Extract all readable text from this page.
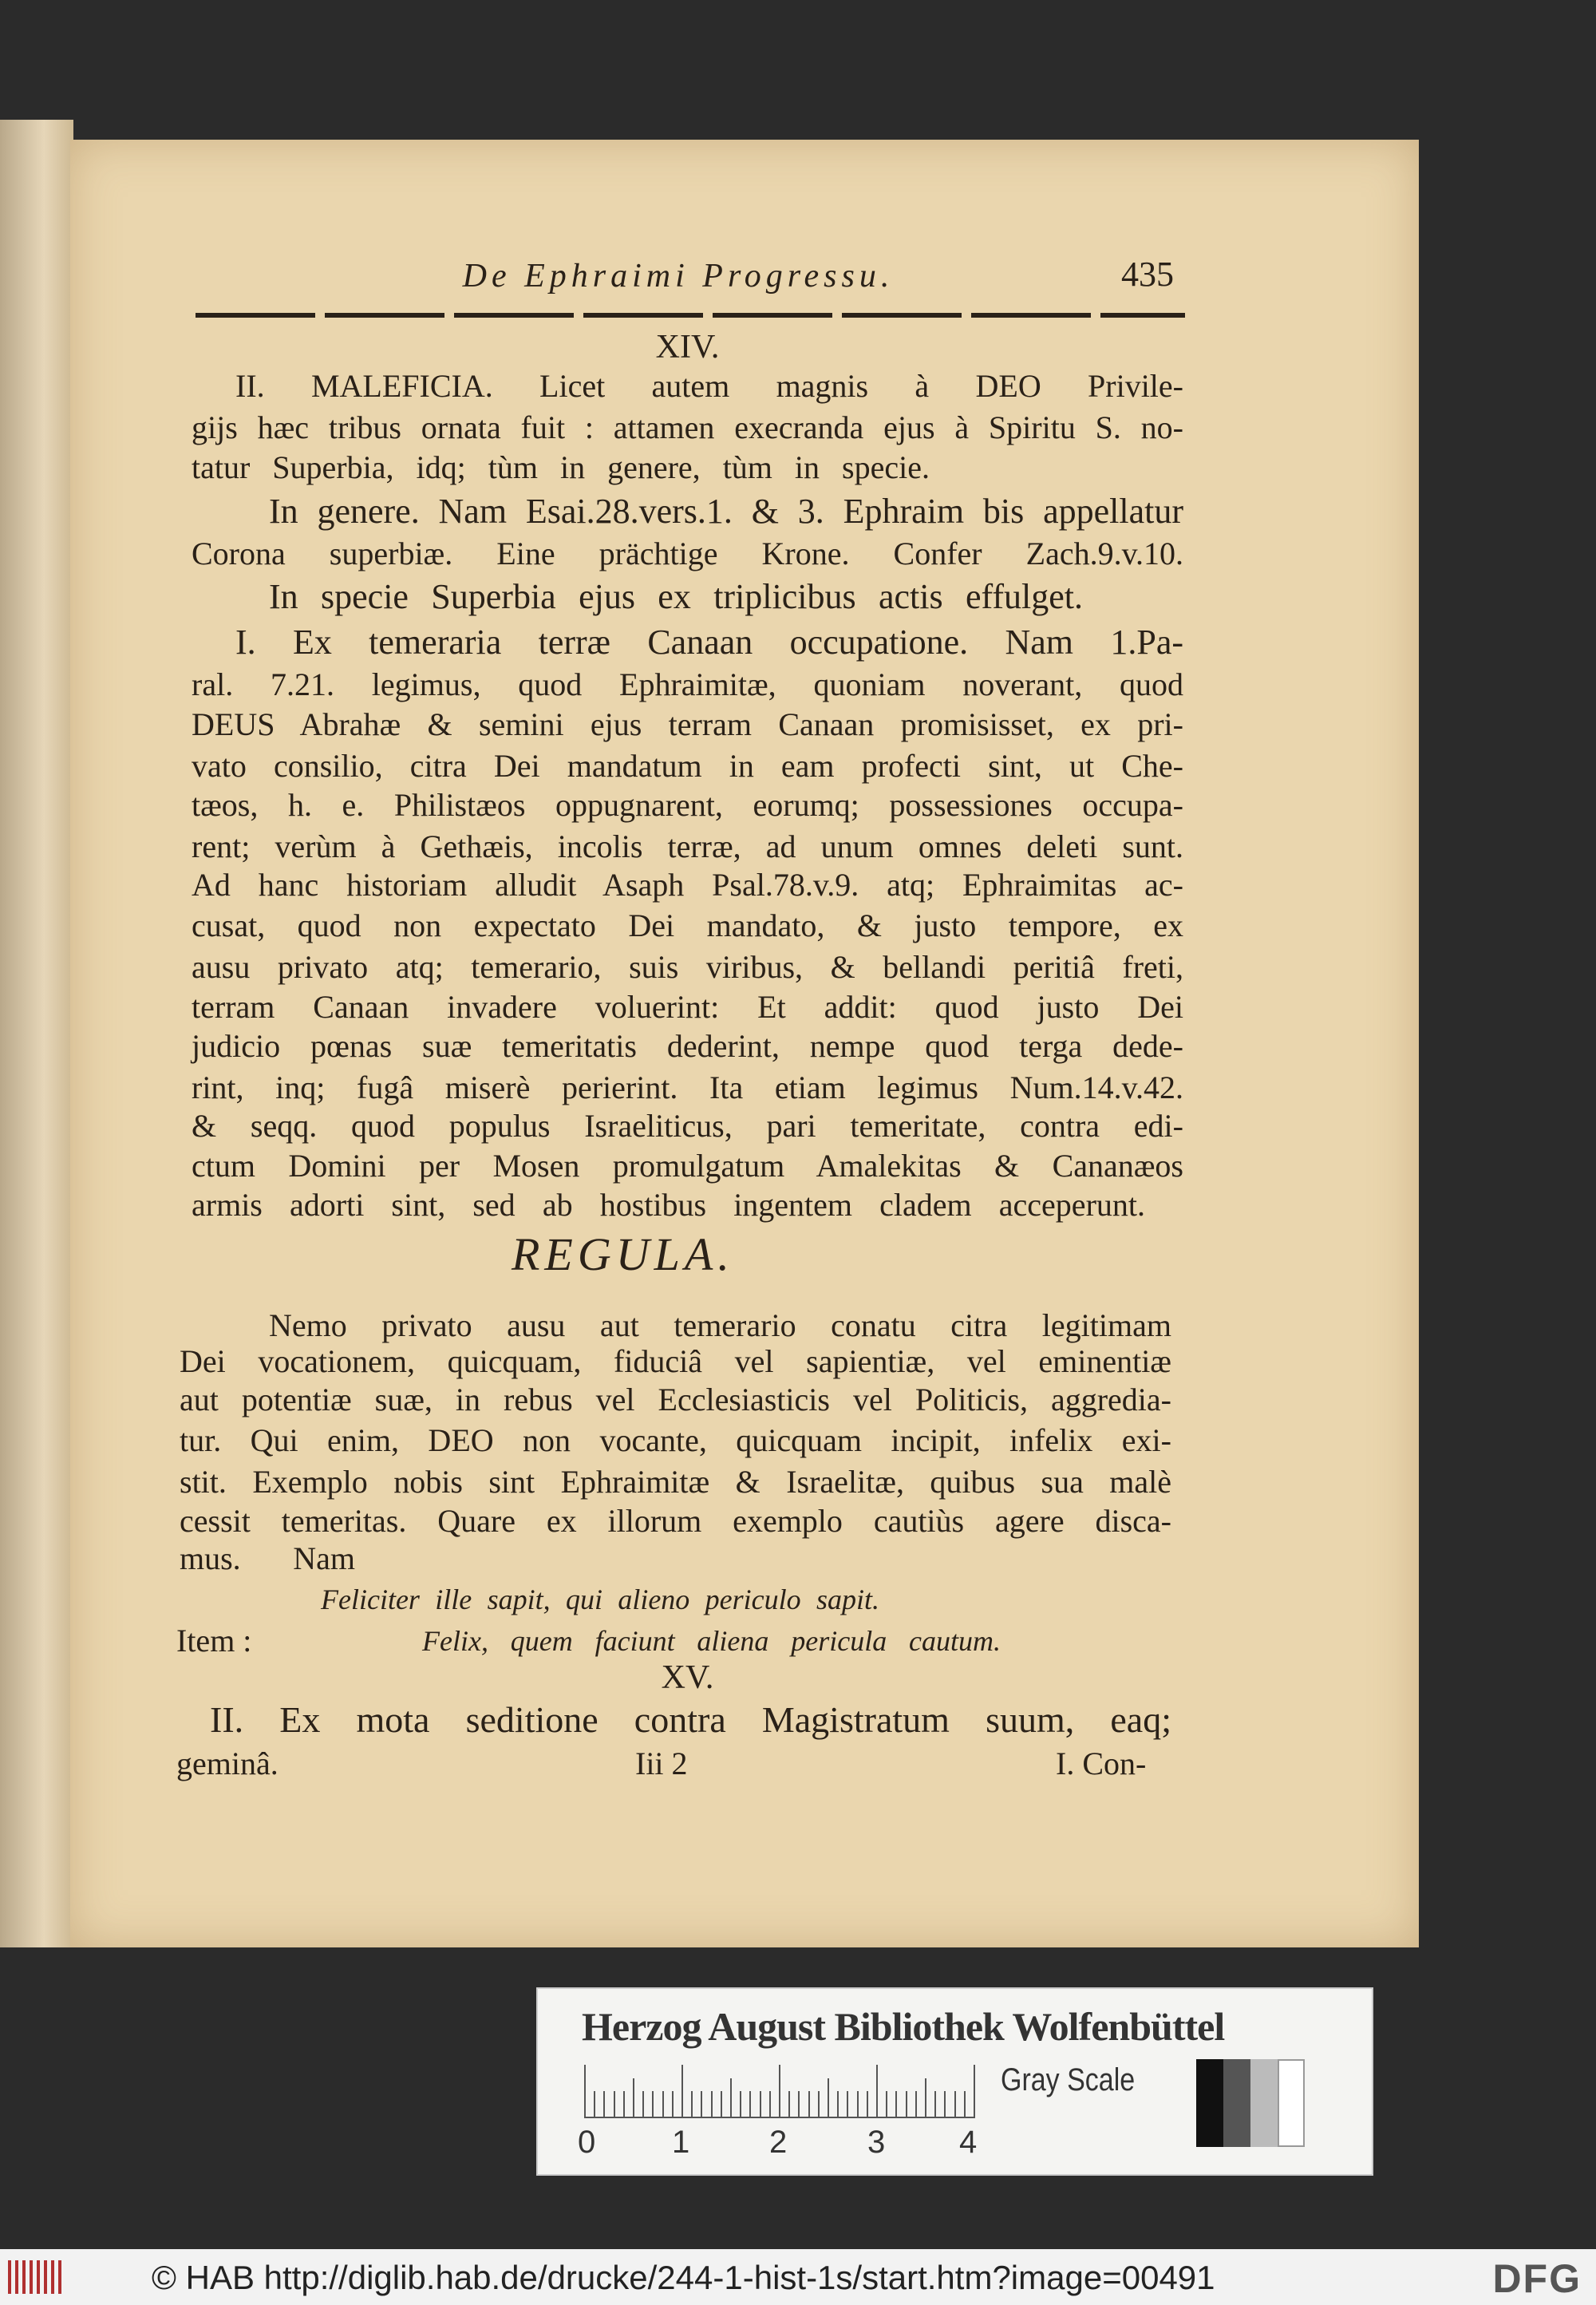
De Ephraimi Progressu.	435
XIV.
II. MALEFICIA. Licet autem magnis à DEO Privile-
gijs hæc tribus ornata fuit : attamen execranda ejus à Spiritu S. no-
tatur Superbia, idq; tùm in genere, tùm in specie.
In genere. Nam Esai.28.vers.1. & 3. Ephraim bis appellatur
Corona superbiæ. Eine prächtige Krone. Confer Zach.9.v.10.
In specie Superbia ejus ex triplicibus actis effulget.
I. Ex temeraria terræ Canaan occupatione. Nam 1.Pa-
ral. 7.21. legimus, quod Ephraimitæ, quoniam noverant, quod
DEUS Abrahæ & semini ejus terram Canaan promisisset, ex pri-
vato consilio, citra Dei mandatum in eam profecti sint, ut Che-
tæos, h. e. Philistæos oppugnarent, eorumq; possessiones occupa-
rent; verùm à Gethæis, incolis terræ, ad unum omnes deleti sunt.
Ad hanc historiam alludit Asaph Psal.78.v.9. atq; Ephraimitas ac-
cusat, quod non expectato Dei mandato, & justo tempore, ex
ausu privato atq; temerario, suis viribus, & bellandi peritiâ freti,
terram Canaan invadere voluerint: Et addit: quod justo Dei
judicio pœnas suæ temeritatis dederint, nempe quod terga dede-
rint, inq; fugâ miserè perierint. Ita etiam legimus Num.14.v.42.
& seqq. quod populus Israeliticus, pari temeritate, contra edi-
ctum Domini per Mosen promulgatum Amalekitas & Cananæos
armis adorti sint, sed ab hostibus ingentem cladem acceperunt.
REGULA.
Nemo privato ausu aut temerario conatu citra legitimam
Dei vocationem, quicquam, fiduciâ vel sapientiæ, vel eminentiæ
aut potentiæ suæ, in rebus vel Ecclesiasticis vel Politicis, aggredia-
tur. Qui enim, DEO non vocante, quicquam incipit, infelix exi-
stit. Exemplo nobis sint Ephraimitæ & Israelitæ, quibus sua malè
cessit temeritas. Quare ex illorum exemplo cautiùs agere disca-
mus. Nam
Feliciter ille sapit, qui alieno periculo sapit.
Item :	Felix, quem faciunt aliena pericula cautum.
XV.
II. Ex mota seditione contra Magistratum suum, eaq;
geminâ.	Iii 2	I. Con-
Herzog August Bibliothek Wolfenbüttel
0 1 2	3 4
Gray Scale
© HAB http://diglib.hab.de/drucke/244-1-hist-1s/start.htm?image=00491	DFG
